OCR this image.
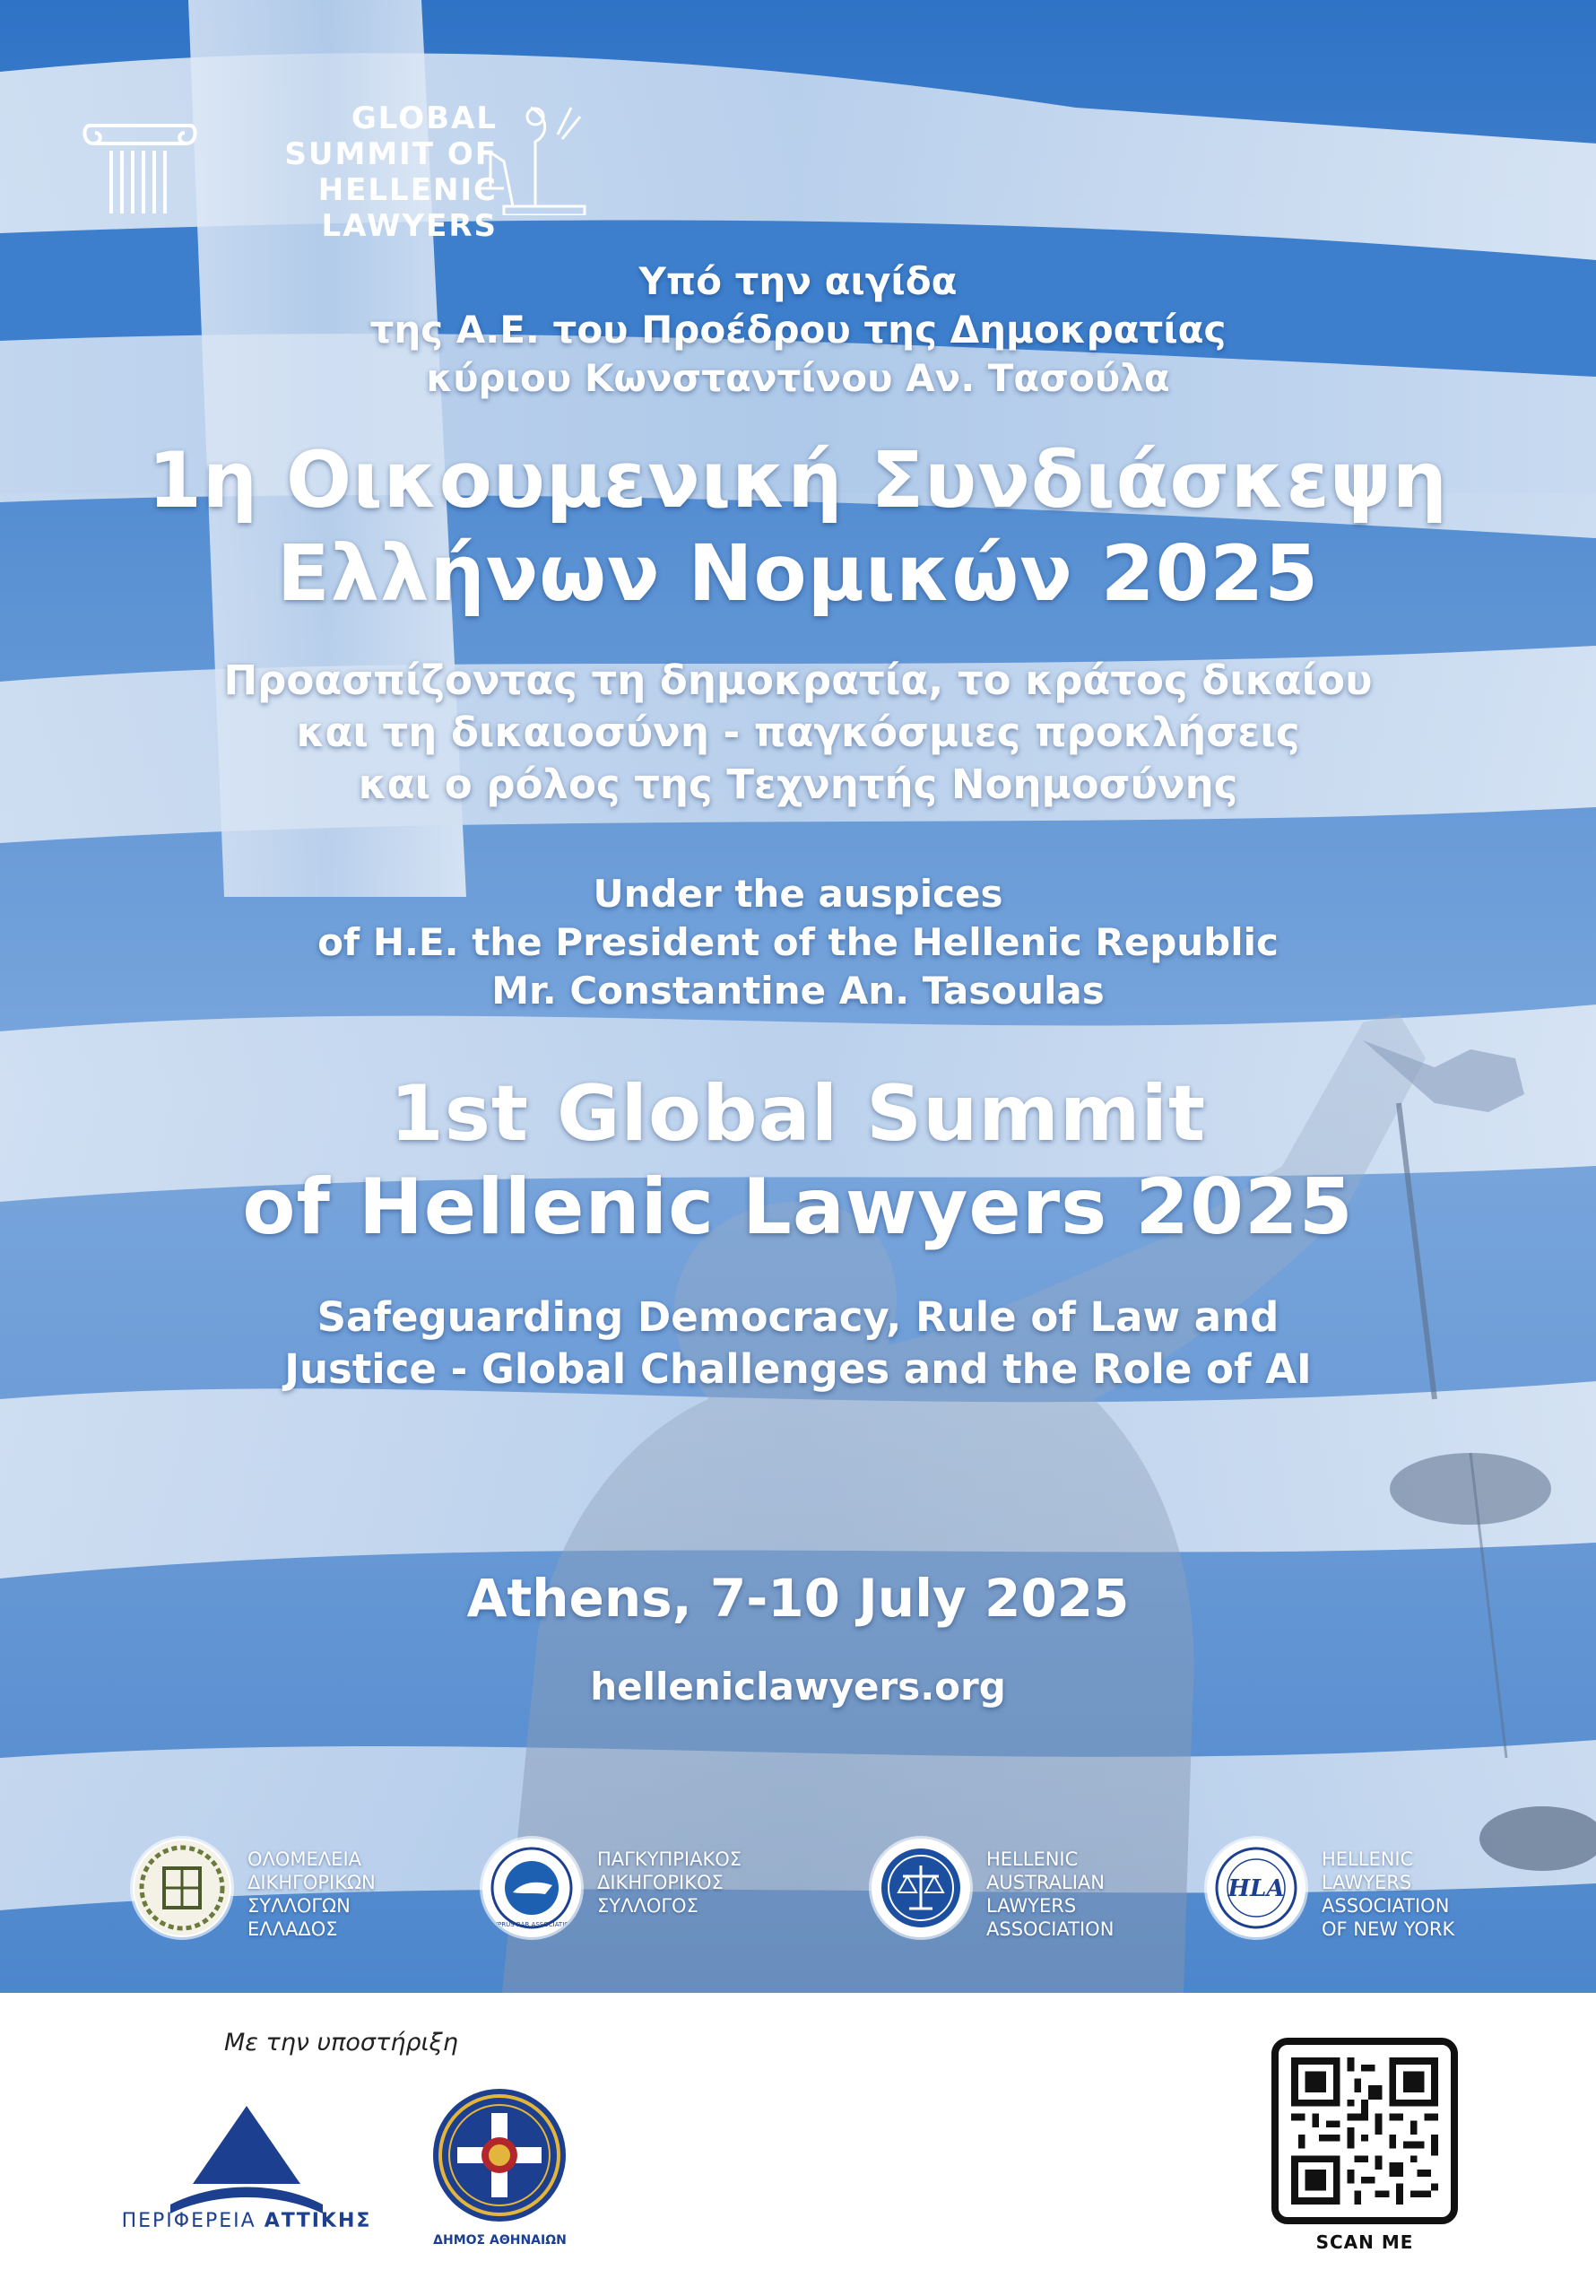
GLOBAL
SUMMIT OF
HELLENIC LAWYERS

Υπό την αιγίδα
της Α.Ε. του Προέδρου της Δημοκρατίας
κύριου Κωνσταντίνου Αν. Τασούλα

1η Οικουμενική Συνδιάσκεψη
Ελλήνων Νομικών 2025

Προασπίζοντας τη δημοκρατία, το κράτος δικαίου
και τη δικαιοσύνη - παγκόσμιες προκλήσεις
και ο ρόλος της Τεχνητής Νοημοσύνης

Under the auspices
of H.E. the President of the Hellenic Republic
Mr. Constantine An. Tasoulas

1st Global Summit
of Hellenic Lawyers 2025

Safeguarding Democracy, Rule of Law and
Justice - Global Challenges and the Role of AI

Athens, 7-10 July 2025

helleniclawyers.org

ΟΛΟΜΕΛΕΙΑ
ΔΙΚΗΓΟΡΙΚΩΝ
ΣΥΛΛΟΓΩΝ
ΕΛΛΑΔΟΣ	CYPRUS BAR ASSOCIATION
ΠΑΓΚΥΠΡΙΑΚΟΣ
ΔΙΚΗΓΟΡΙΚΟΣ
ΣΥΛΛΟΓΟΣ
HELLENIC
AUSTRALIAN
LAWYERS
ASSOCIATION
HLA
HELLENIC
LAWYERS
ASSOCIATION
OF NEW YORK
Με την υποστήριξη
ΠΕΡΙΦΕΡΕΙΑ ΑΤΤΙΚΗΣ
ΔΗΜΟΣ ΑΘΗΝΑΙΩΝ	SCAN ME
